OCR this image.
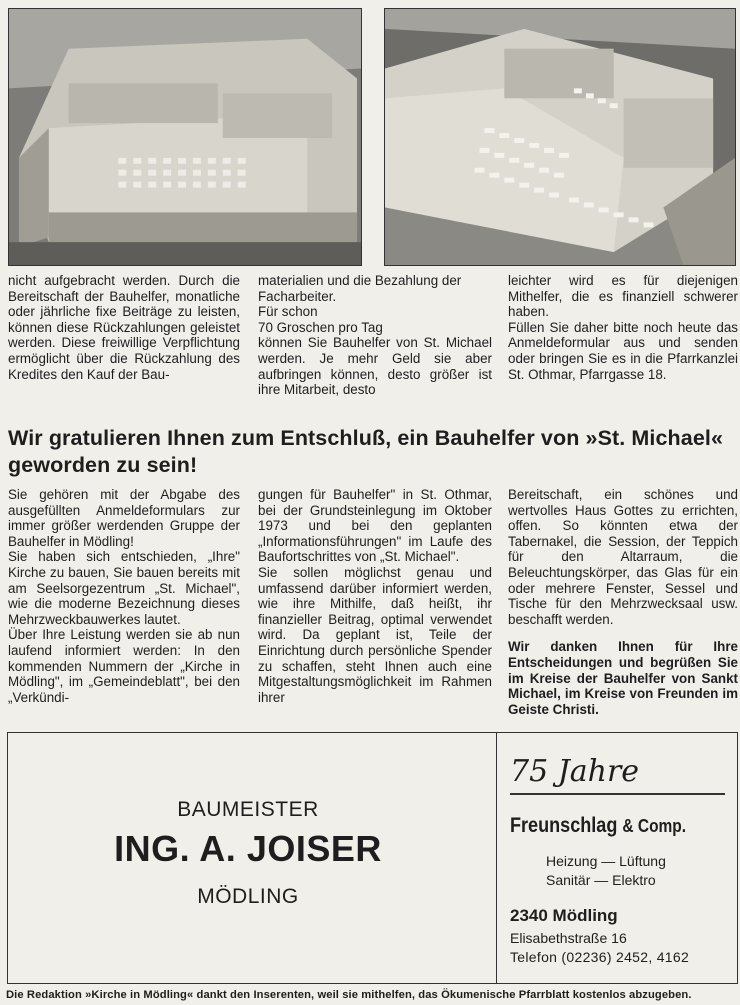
nicht aufgebracht werden. Durch die Bereitschaft der Bauhelfer, monatliche oder jährliche fixe Beiträge zu leisten, können diese Rückzahlungen geleistet werden. Diese freiwillige Verpflichtung ermöglicht über die Rückzahlung des Kredites den Kauf der Bau-

materialien und die Bezahlung der Facharbeiter.

Für schon

70 Groschen pro Tag

können Sie Bauhelfer von St. Michael werden. Je mehr Geld sie aber aufbringen können, desto größer ist ihre Mitarbeit, desto

leichter wird es für diejenigen Mithelfer, die es finanziell schwerer haben.

Füllen Sie daher bitte noch heute das Anmeldeformular aus und senden oder bringen Sie es in die Pfarrkanzlei St. Othmar, Pfarrgasse 18.

Wir gratulieren Ihnen zum Entschluß, ein Bauhelfer von »St. Michael« geworden zu sein!

Sie gehören mit der Abgabe des ausgefüllten Anmeldeformulars zur immer größer werdenden Gruppe der Bauhelfer in Mödling!

Sie haben sich entschieden, „Ihre" Kirche zu bauen, Sie bauen bereits mit am Seelsorgezentrum „St. Michael", wie die moderne Bezeichnung dieses Mehrzweckbauwerkes lautet.

Über Ihre Leistung werden sie ab nun laufend informiert werden: In den kommenden Nummern der „Kirche in Mödling", im „Gemeindeblatt", bei den „Verkündi-

gungen für Bauhelfer" in St. Othmar, bei der Grundsteinlegung im Oktober 1973 und bei den geplanten „Informationsführungen" im Laufe des Baufortschrittes von „St. Michael".

Sie sollen möglichst genau und umfassend darüber informiert werden, wie ihre Mithilfe, daß heißt, ihr finanzieller Beitrag, optimal verwendet wird. Da geplant ist, Teile der Einrichtung durch persönliche Spender zu schaffen, steht Ihnen auch eine Mitgestaltungsmöglichkeit im Rahmen ihrer

Bereitschaft, ein schönes und wertvolles Haus Gottes zu errichten, offen. So könnten etwa der Tabernakel, die Session, der Teppich für den Altarraum, die Beleuchtungskörper, das Glas für ein oder mehrere Fenster, Sessel und Tische für den Mehrzwecksaal usw. beschafft werden.

Wir danken Ihnen für Ihre Entscheidungen und begrüßen Sie im Kreise der Bauhelfer von Sankt Michael, im Kreise von Freunden im Geiste Christi.

BAUMEISTER
ING. A. JOISER
MÖDLING
75 Jahre
Freunschlag & Comp.
Heizung — Lüftung
Sanitär — Elektro
2340 Mödling
Elisabethstraße 16
Telefon (02236) 2452, 4162
Die Redaktion »Kirche in Mödling« dankt den Inserenten, weil sie mithelfen, das Ökumenische Pfarrblatt kostenlos abzugeben.
